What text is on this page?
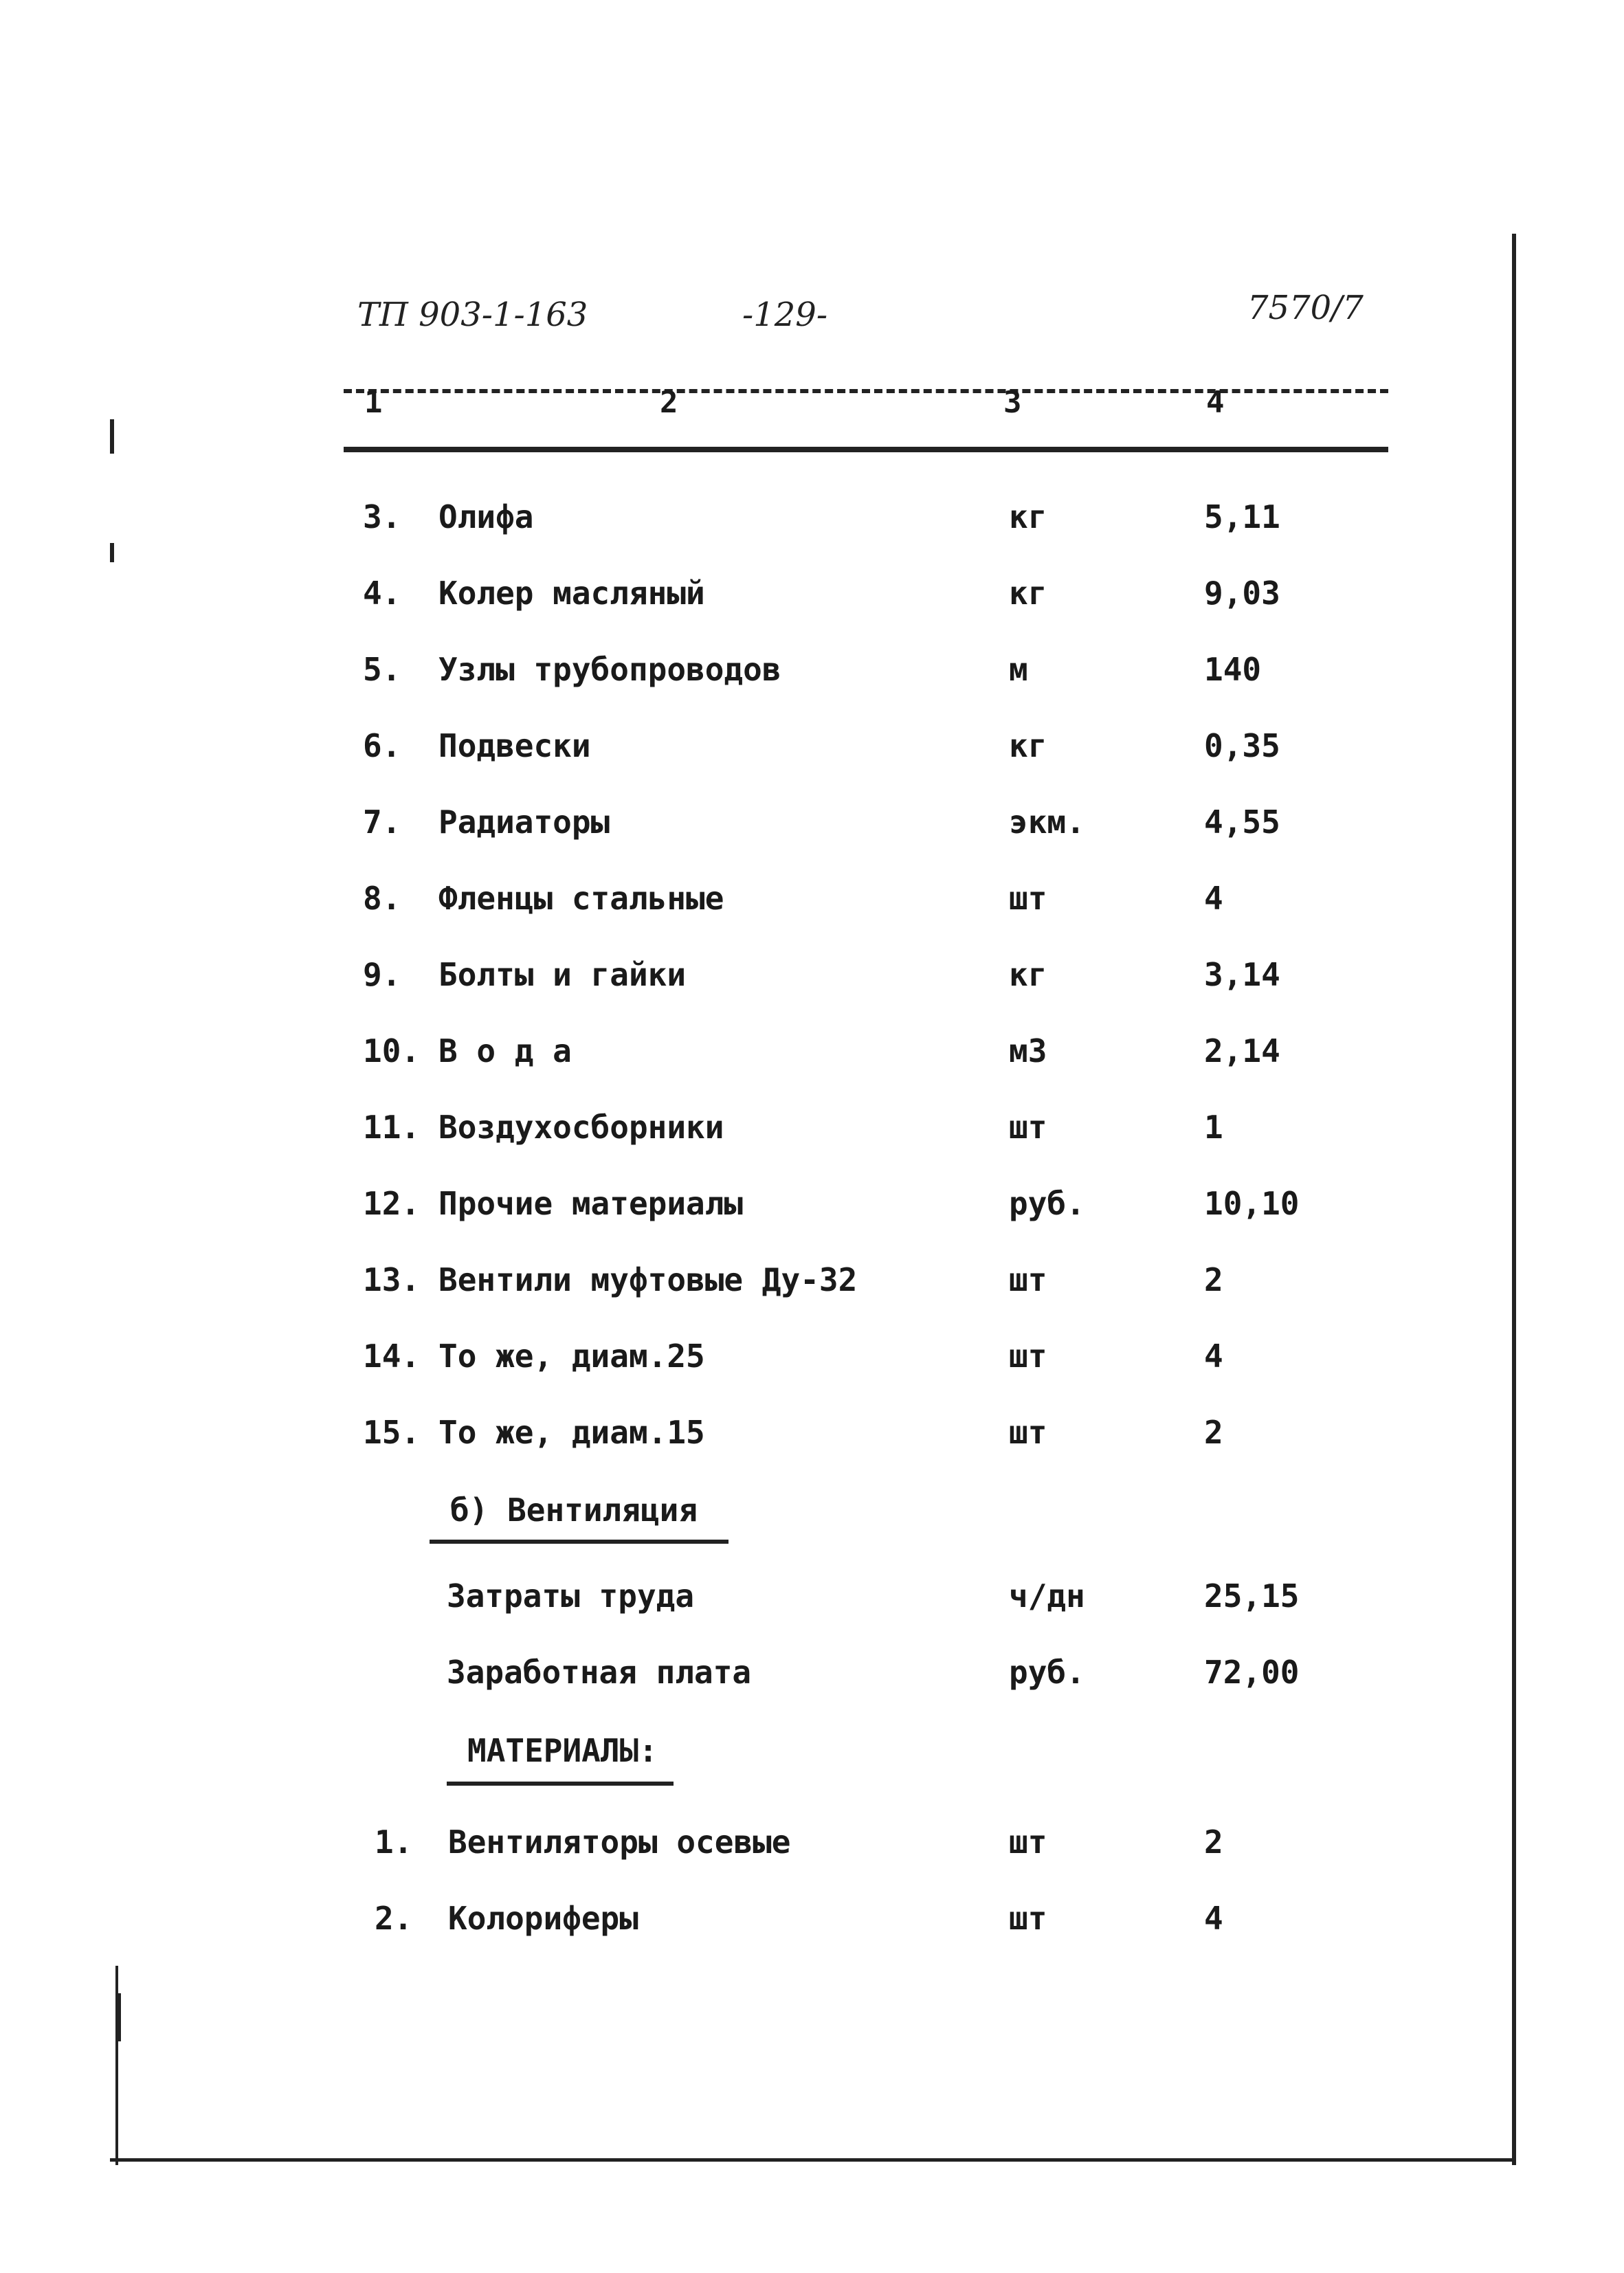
ТП 903-1-163	-129-	7570/7
1	2	3	4
3. Олифа	кг	5,11
4. Колер масляный	кг	9,03
5. Узлы трубопроводов	м	140
6. Подвески	кг	0,35
7. Радиаторы	экм.	4,55
8. Фленцы стальные	шт	4
9. Болты и гайки	кг	3,14
10. В о д а	м3	2,14
11. Воздухосборники	шт	1
12. Прочие материалы	руб.	10,10
13. Вентили муфтовые Ду-32	шт	2
14. То же, диам.25	шт	4
15. То же, диам.15	шт	2
б) Вентиляция
Затраты труда	ч/дн	25,15
Заработная плата	руб.	72,00
МАТЕРИАЛЫ:
1. Вентиляторы осевые	шт	2
2. Колориферы	шт	4
